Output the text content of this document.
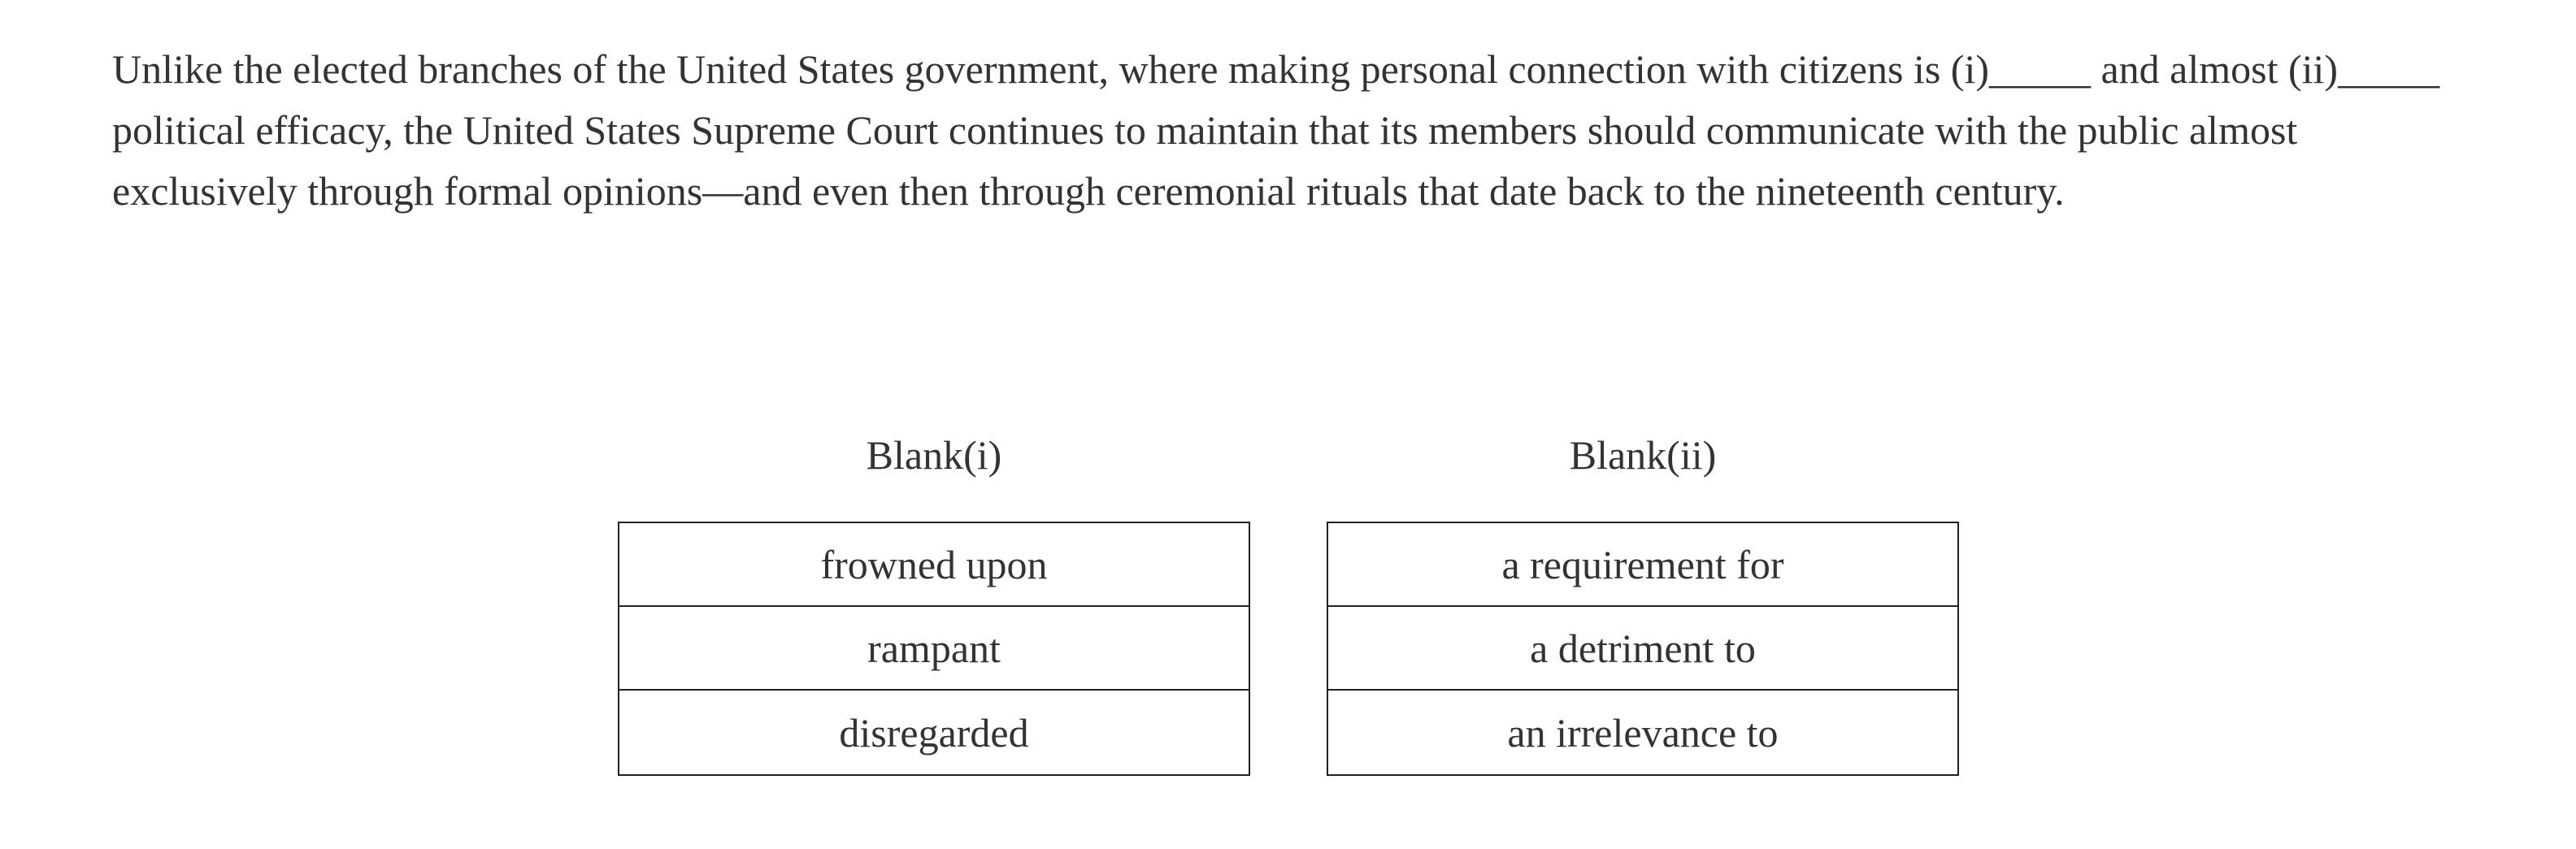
Unlike the elected branches of the United States government, where making personal connection with citizens is (i)_____ and almost (ii)_____ political efficacy, the United States Supreme Court continues to maintain that its members should communicate with the public almost exclusively through formal opinions—and even then through ceremonial rituals that date back to the nineteenth century.

Blank(i)
frowned upon
rampant
disregarded
Blank(ii)
a requirement for
a detriment to
an irrelevance to
